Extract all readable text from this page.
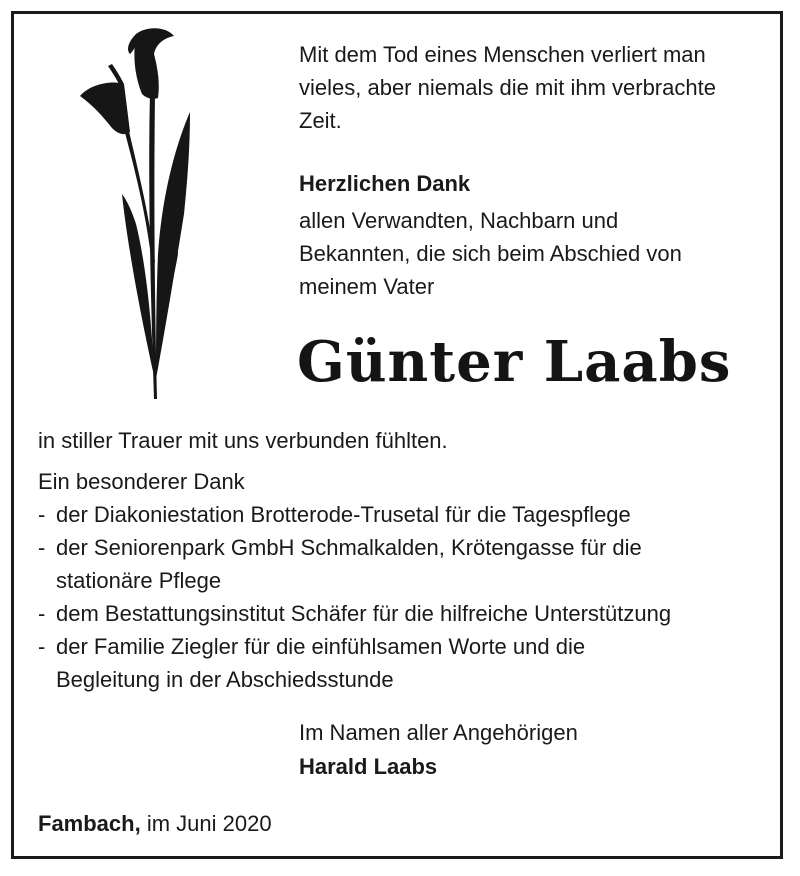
Mit dem Tod eines Menschen verliert man
vieles, aber niemals die mit ihm verbrachte
Zeit.

Herzlichen Dank

allen Verwandten, Nachbarn und
Bekannten, die sich beim Abschied von
meinem Vater

Günter Laabs

in stiller Trauer mit uns verbunden fühlten.

Ein besonderer Dank

- der Diakoniestation Brotterode-Trusetal für die Tagespflege
- der Seniorenpark GmbH Schmalkalden, Krötengasse für die
stationäre Pflege
- dem Bestattungsinstitut Schäfer für die hilfreiche Unterstützung
- der Familie Ziegler für die einfühlsamen Worte und die
Begleitung in der Abschiedsstunde

Im Namen aller Angehörigen

Harald Laabs

Fambach, im Juni 2020
